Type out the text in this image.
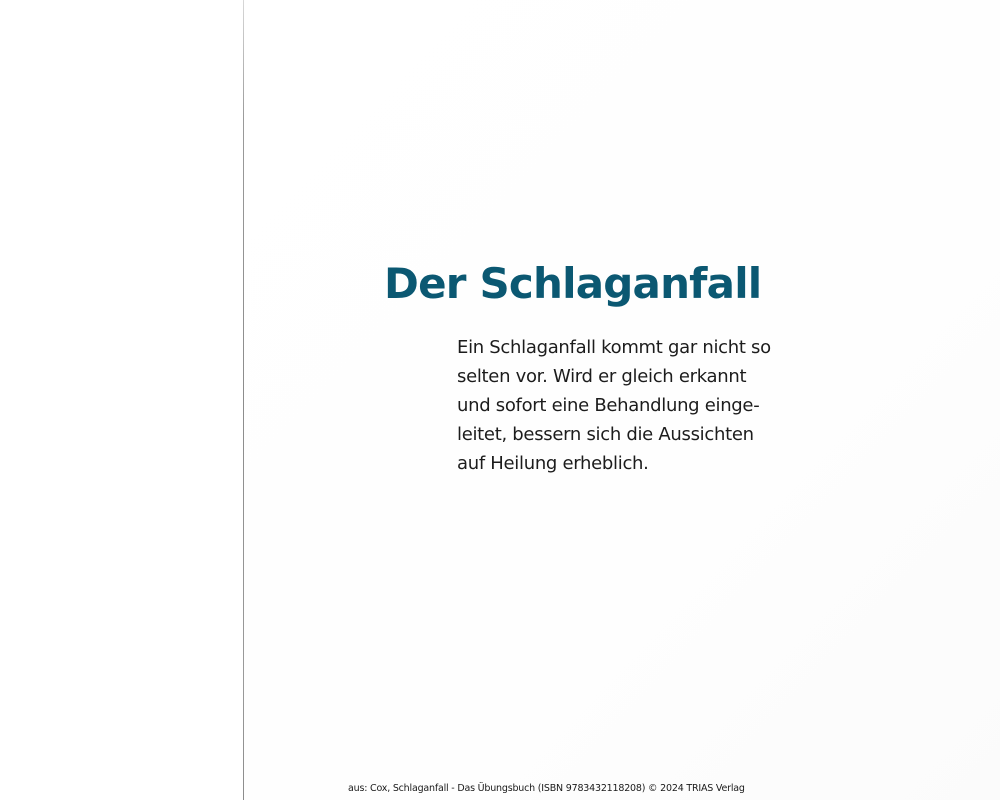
Der Schlaganfall

Ein Schlaganfall kommt gar nicht so
selten vor. Wird er gleich erkannt
und sofort eine Behandlung einge-
leitet, bessern sich die Aussichten
auf Heilung erheblich.

aus: Cox, Schlaganfall - Das Übungsbuch (ISBN 9783432118208) © 2024 TRIAS Verlag
